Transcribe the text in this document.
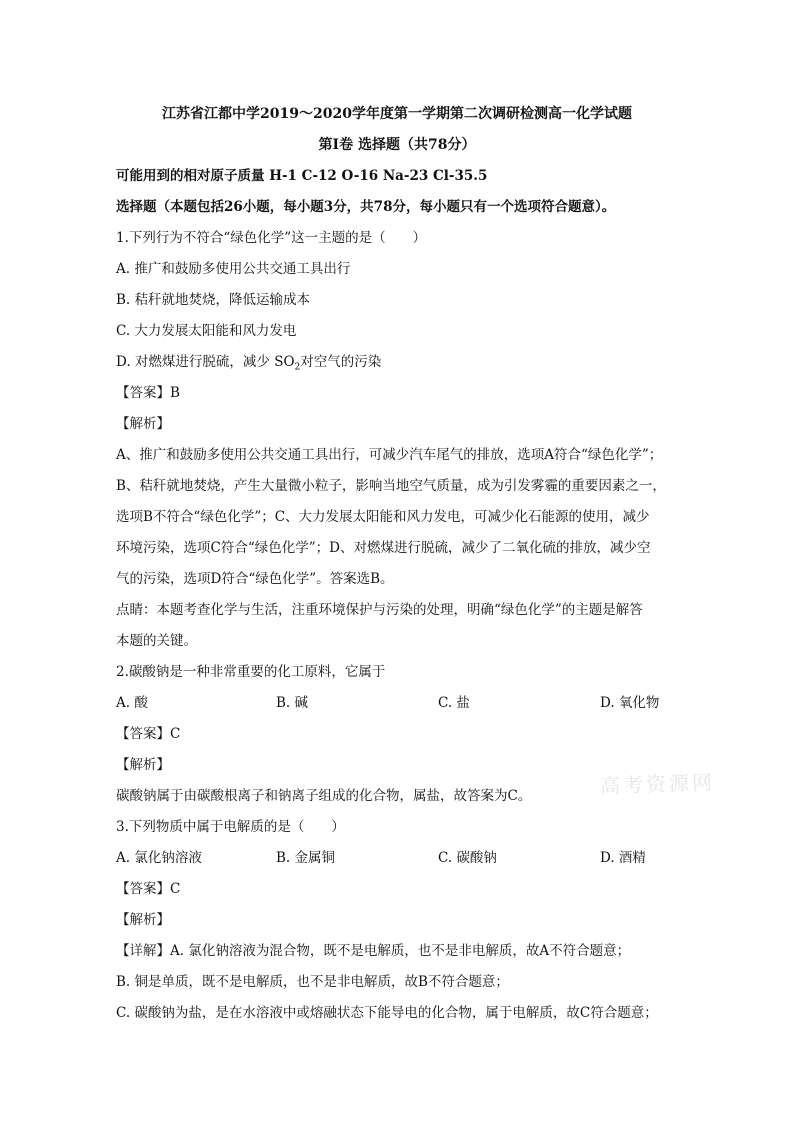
江苏省江都中学2019～2020学年度第一学期第二次调研检测高一化学试题
第Ⅰ卷 选择题（共78分）
可能用到的相对原子质量 H-1 C-12 O-16 Na-23 Cl-35.5
选择题（本题包括26小题，每小题3分，共78分，每小题只有一个选项符合题意）。
1.下列行为不符合“绿色化学”这一主题的是（　　）
A. 推广和鼓励多使用公共交通工具出行
B. 秸秆就地焚烧，降低运输成本
C. 大力发展太阳能和风力发电
D. 对燃煤进行脱硫，减少 $SO_2$对空气的污染
【答案】B
【解析】
A、推广和鼓励多使用公共交通工具出行，可减少汽车尾气的排放，选项A符合“绿色化学”；
B、秸秆就地焚烧，产生大量微小粒子，影响当地空气质量，成为引发雾霾的重要因素之一，
选项B不符合“绿色化学”；C、大力发展太阳能和风力发电，可减少化石能源的使用，减少
环境污染，选项C符合“绿色化学”；D、对燃煤进行脱硫，减少了二氧化硫的排放，减少空
气的污染，选项D符合“绿色化学”。答案选B。
点睛：本题考查化学与生活，注重环境保护与污染的处理，明确“绿色化学”的主题是解答
本题的关键。
2.碳酸钠是一种非常重要的化工原料，它属于
A. 酸	B. 碱	C. 盐	D. 氧化物
【答案】C
【解析】
碳酸钠属于由碳酸根离子和钠离子组成的化合物，属盐，故答案为C。
3.下列物质中属于电解质的是（　　）
A. 氯化钠溶液	B. 金属铜	C. 碳酸钠	D. 酒精
【答案】C
【解析】
【详解】A. 氯化钠溶液为混合物，既不是电解质，也不是非电解质，故A不符合题意；
B. 铜是单质，既不是电解质，也不是非电解质，故B不符合题意；
C. 碳酸钠为盐，是在水溶液中或熔融状态下能导电的化合物，属于电解质，故C符合题意；
高考资源网
